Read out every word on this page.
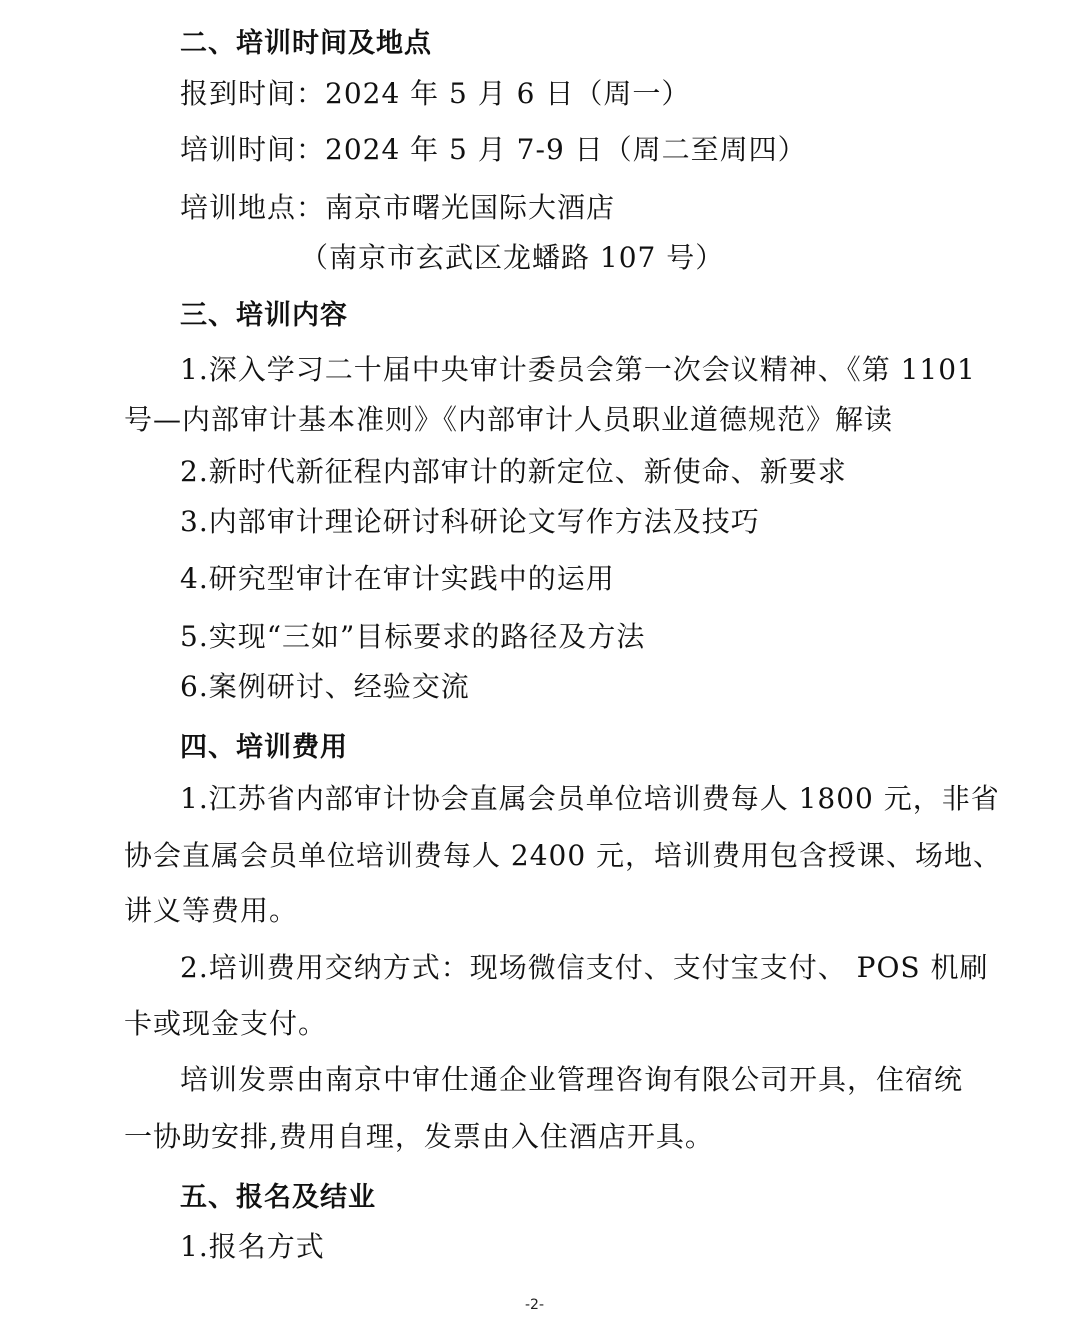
二、培训时间及地点
报到时间：2024 年 5 月 6 日（周一）
培训时间：2024 年 5 月 7-9 日（周二至周四）
培训地点：南京市曙光国际大酒店
（南京市玄武区龙蟠路 107 号）
三、培训内容
1.深入学习二十届中央审计委员会第一次会议精神、《第 1101
号—内部审计基本准则》《内部审计人员职业道德规范》解读
2.新时代新征程内部审计的新定位、新使命、新要求
3.内部审计理论研讨科研论文写作方法及技巧
4.研究型审计在审计实践中的运用
5.实现“三如”目标要求的路径及方法
6.案例研讨、经验交流
四、培训费用
1.江苏省内部审计协会直属会员单位培训费每人 1800 元，非省
协会直属会员单位培训费每人 2400 元，培训费用包含授课、场地、
讲义等费用。
2.培训费用交纳方式：现场微信支付、支付宝支付、 POS 机刷
卡或现金支付。
培训发票由南京中审仕通企业管理咨询有限公司开具，住宿统
一协助安排,费用自理，发票由入住酒店开具。
五、报名及结业
1.报名方式
-2-
